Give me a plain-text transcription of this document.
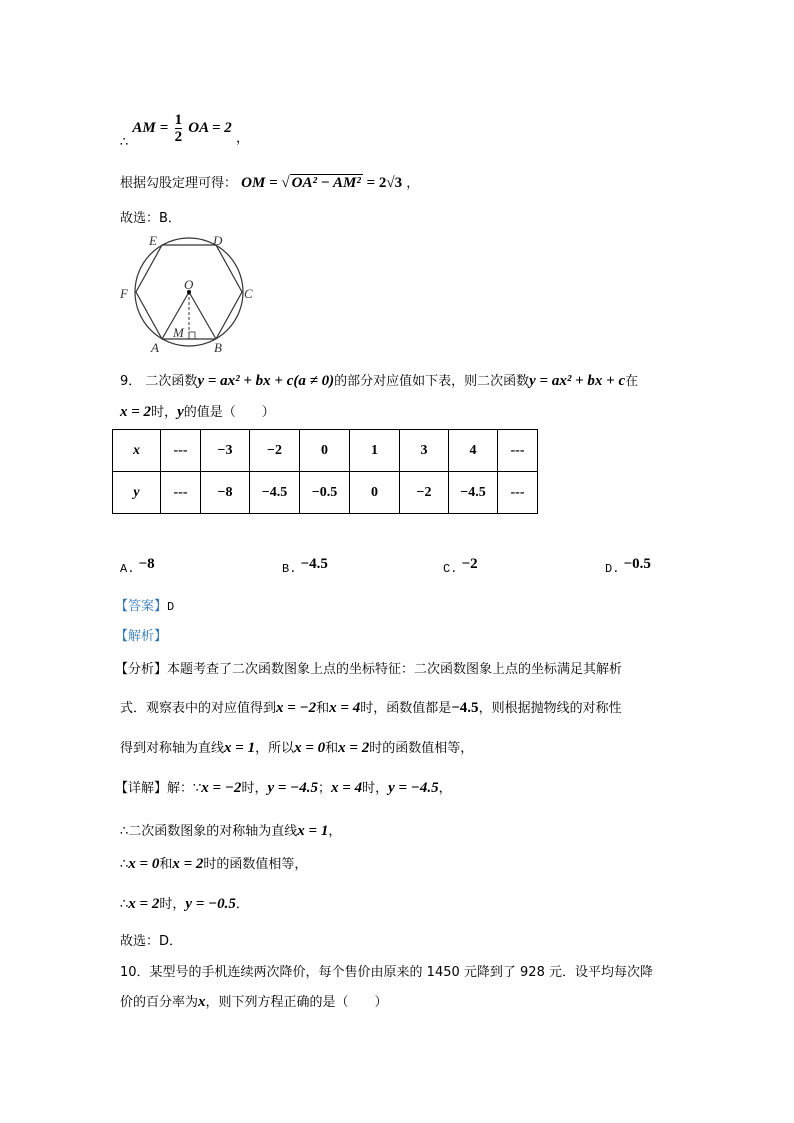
∴ AM = $\frac{1}{2}$ OA = 2 ，
根据勾股定理可得： OM = √ OA² − AM² = 2√3 ，
故选：B．
E	D
F
O
C
M
A	B
9． 二次函数y = ax² + bx + c(a ≠ 0)的部分对应值如下表，则二次函数y = ax² + bx + c在
x = 2时，y的值是（　　）
x	---	−3	−2	0	1	3	4	---
y	---	−8	−4.5	−0.5	0	−2	−4.5	---
A. −8	B. −4.5	C. −2	D. −0.5
【答案】D
【解析】
【分析】本题考查了二次函数图象上点的坐标特征：二次函数图象上点的坐标满足其解析
式．观察表中的对应值得到x = −2和x = 4时，函数值都是−4.5，则根据抛物线的对称性
得到对称轴为直线x = 1，所以x = 0和x = 2时的函数值相等，
【详解】解：∵x = −2时，y = −4.5；x = 4时，y = −4.5，
∴二次函数图象的对称轴为直线x = 1，
∴x = 0和x = 2时的函数值相等，
∴x = 2时，y = −0.5．
故选：D．
10．某型号的手机连续两次降价，每个售价由原来的 1450 元降到了 928 元．设平均每次降
价的百分率为x，则下列方程正确的是（　　）
